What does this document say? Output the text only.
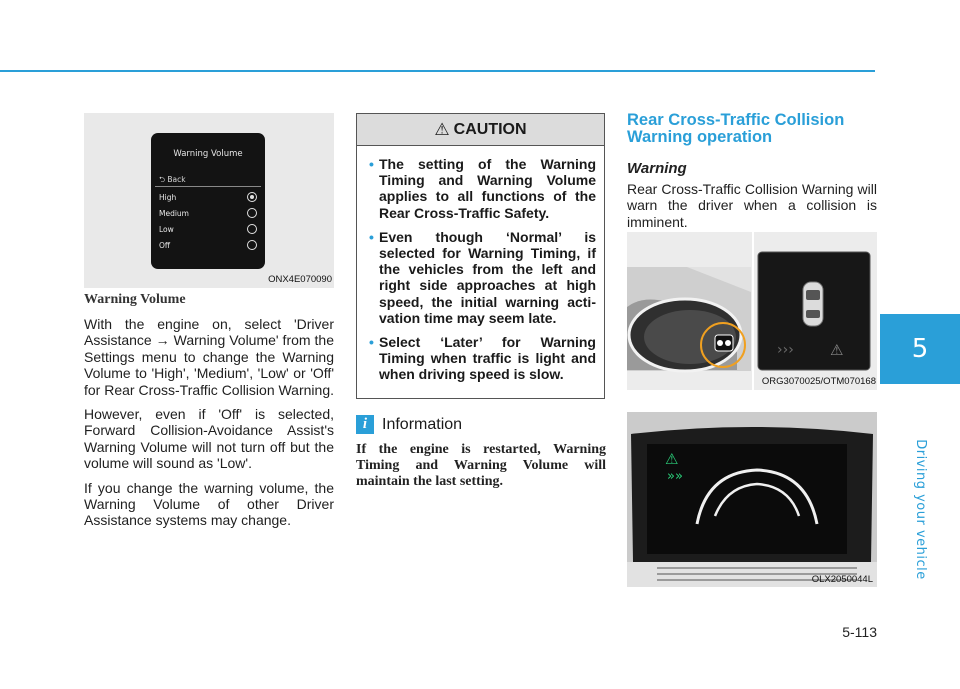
5
Driving your vehicle
Warning Volume
⮌ Back
High
Medium
Low
Off
ONX4E070090
Warning Volume

With the engine on, select 'Driver Assistance → Warning Volume' from the Settings menu to change the Warning Volume to 'High', 'Medium', 'Low' or 'Off' for Rear Cross-Traffic Collision Warning.

However, even if 'Off' is selected, Forward Collision-Avoidance Assist's Warning Volume will not turn off but the volume will sound as 'Low'.

If you change the warning volume, the Warning Volume of other Driver Assistance systems may change.

⚠ CAUTION
• The setting of the Warning Timing and Warning Volume applies to all functions of the Rear Cross-Traffic Safety.
• Even though ‘Normal’ is selected for Warning Timing, if the vehicles from the left and right side approaches at high speed, the initial warning acti-vation time may seem late.
• Select ‘Later’ for Warning Timing when traffic is light and when driving speed is slow.
i Information

If the engine is restarted, Warning Timing and Warning Volume will maintain the last setting.

Rear Cross-Traffic Collision Warning operation
Warning

Rear Cross-Traffic Collision Warning will warn the driver when a collision is imminent.

››› ⚠
ORG3070025/OTM070168
⚠
»»
OLX2050044L
5-113
